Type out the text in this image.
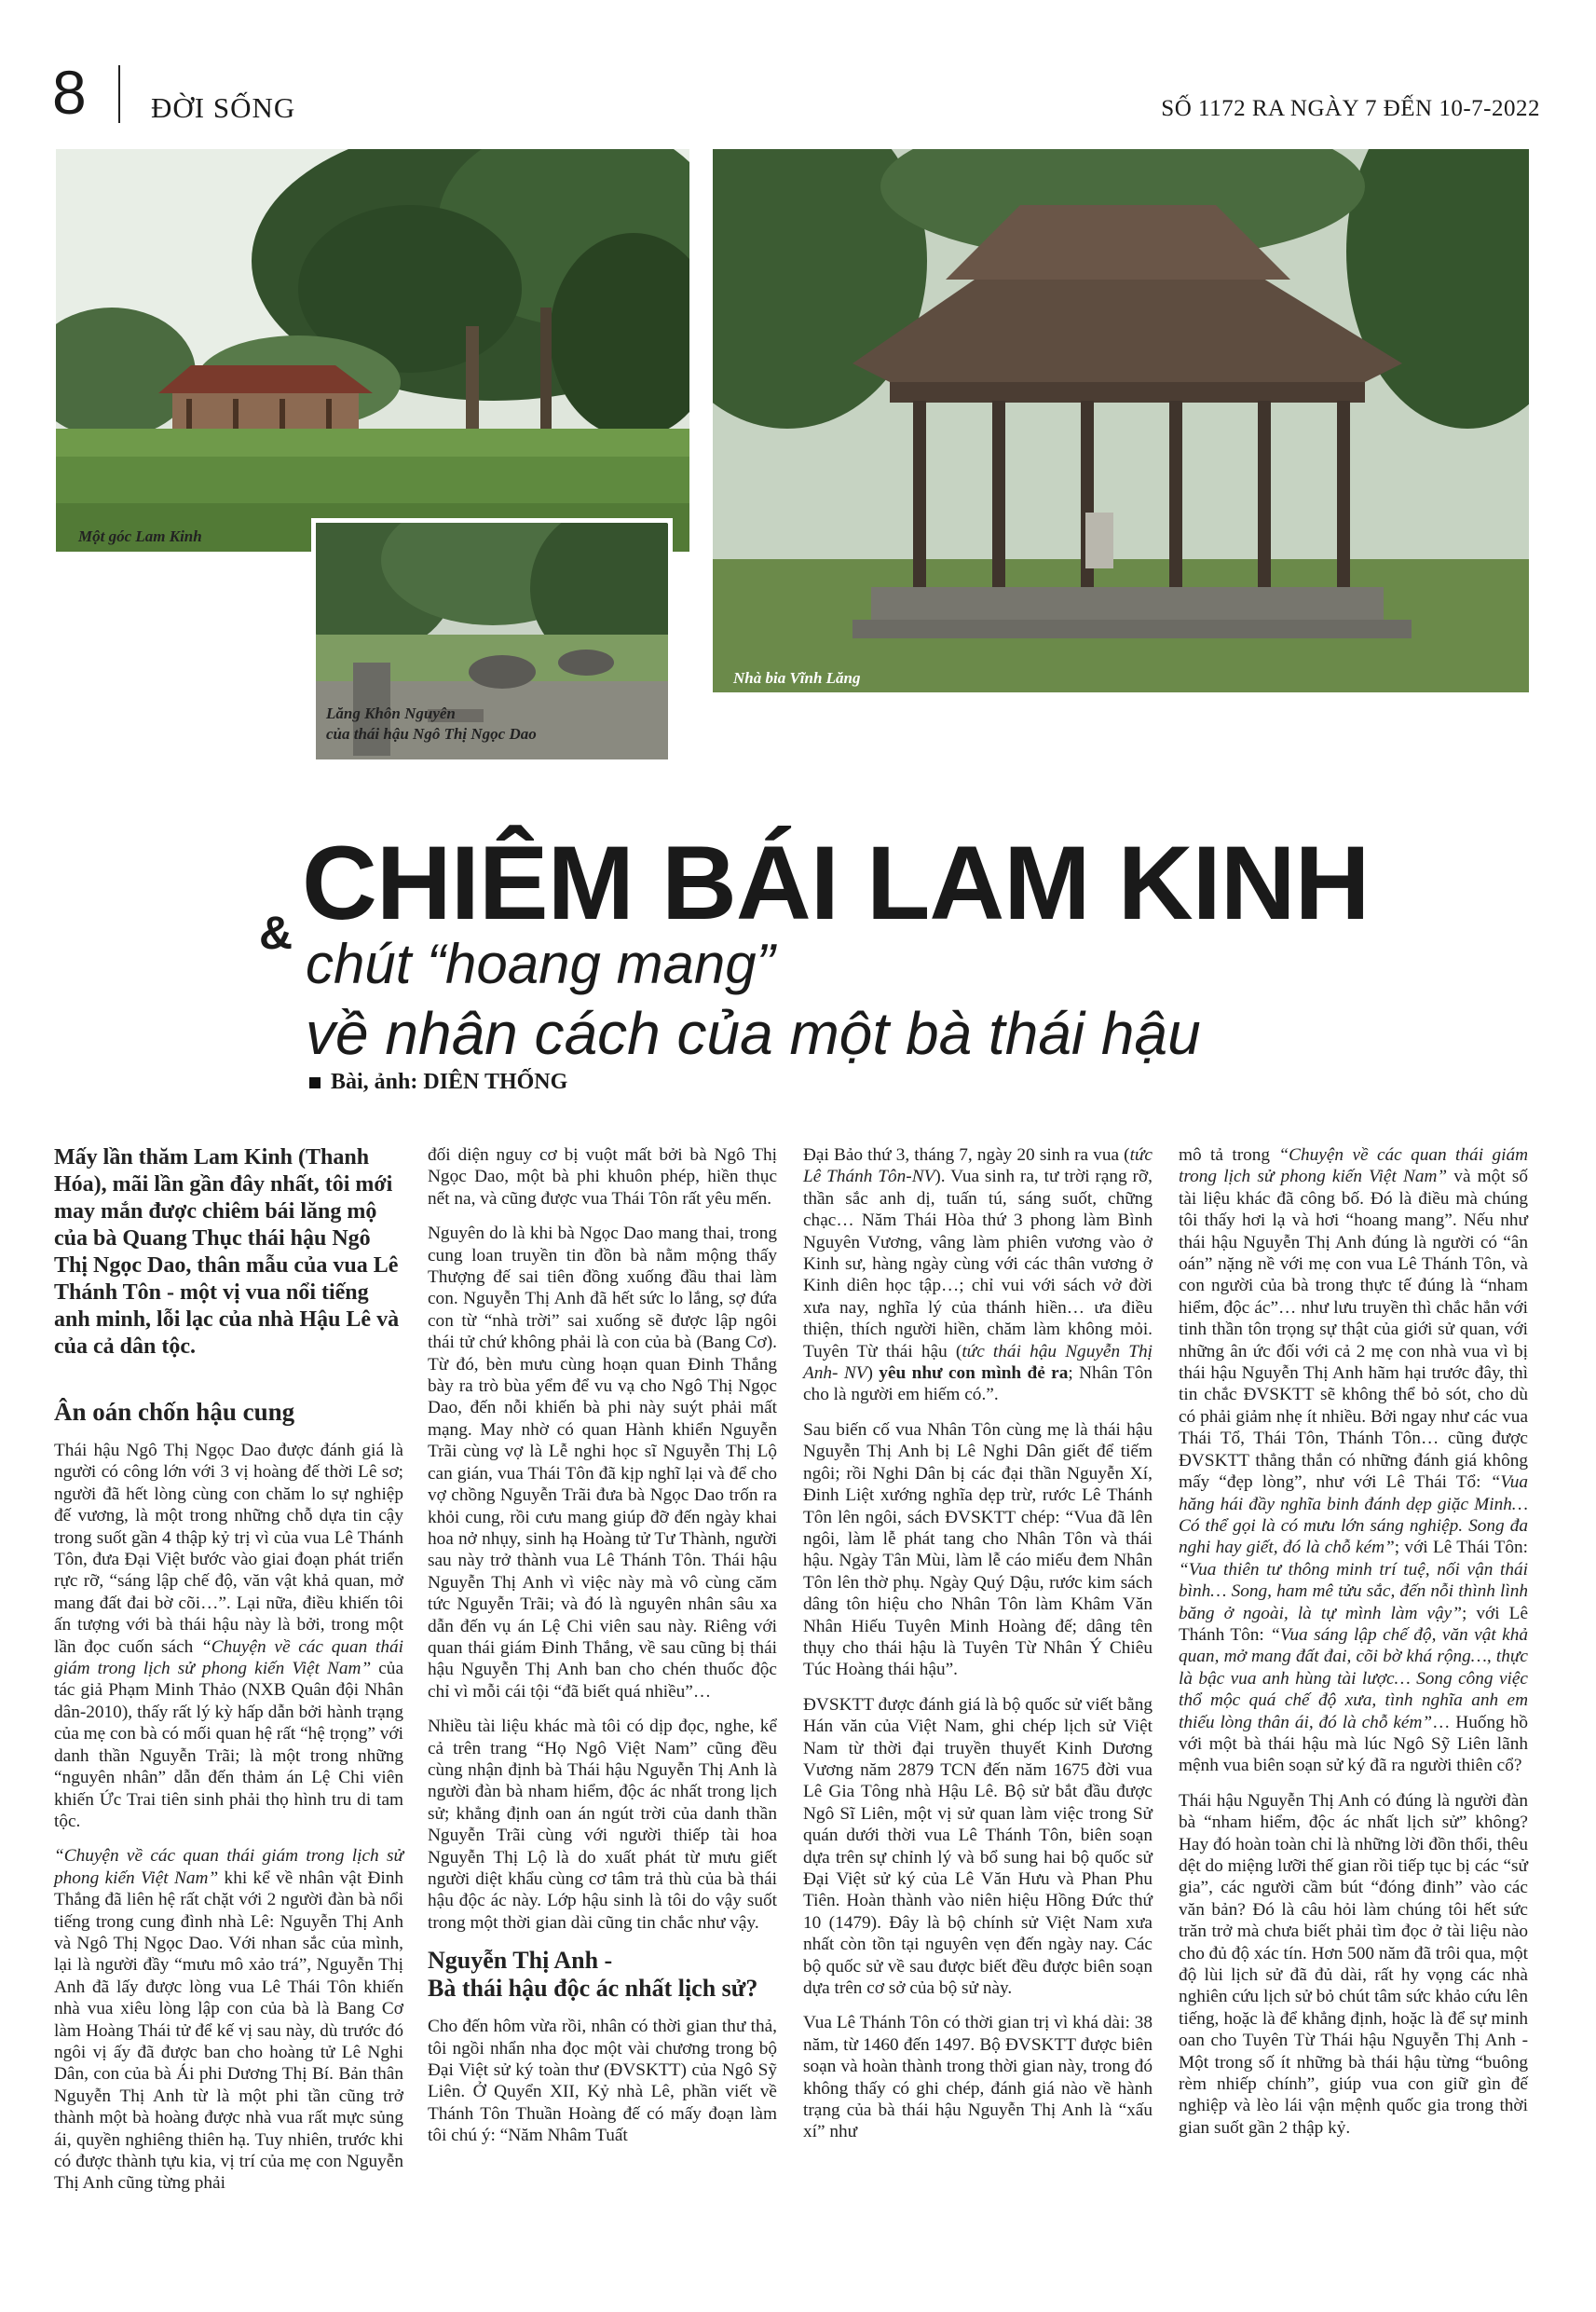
8 ĐỜI SỐNG	SỐ 1172 RA NGÀY 7 ĐẾN 10-7-2022
Một góc Lam Kinh
Lăng Khôn Nguyên
của thái hậu Ngô Thị Ngọc Dao
Nhà bia Vĩnh Lăng
& CHIÊM BÁI LAM KINH
chút “hoang mang”
về nhân cách của một bà thái hậu
Bài, ảnh: DIÊN THỐNG

Mấy lần thăm Lam Kinh (Thanh Hóa), mãi lần gần đây nhất, tôi mới may mắn được chiêm bái lăng mộ của bà Quang Thục thái hậu Ngô Thị Ngọc Dao, thân mẫu của vua Lê Thánh Tôn - một vị vua nổi tiếng anh minh, lỗi lạc của nhà Hậu Lê và của cả dân tộc.

Ân oán chốn hậu cung

Thái hậu Ngô Thị Ngọc Dao được đánh giá là người có công lớn với 3 vị hoàng đế thời Lê sơ; người đã hết lòng cùng con chăm lo sự nghiệp đế vương, là một trong những chỗ dựa tin cậy trong suốt gần 4 thập kỷ trị vì của vua Lê Thánh Tôn, đưa Đại Việt bước vào giai đoạn phát triển rực rỡ, “sáng lập chế độ, văn vật khả quan, mở mang đất đai bờ cõi…”. Lại nữa, điều khiến tôi ấn tượng với bà thái hậu này là bởi, trong một lần đọc cuốn sách “Chuyện về các quan thái giám trong lịch sử phong kiến Việt Nam” của tác giả Phạm Minh Thảo (NXB Quân đội Nhân dân-2010), thấy rất lý kỳ hấp dẫn bởi hành trạng của mẹ con bà có mối quan hệ rất “hệ trọng” với danh thần Nguyễn Trãi; là một trong những “nguyên nhân” dẫn đến thảm án Lệ Chi viên khiến Ức Trai tiên sinh phải thọ hình tru di tam tộc.

“Chuyện về các quan thái giám trong lịch sử phong kiến Việt Nam” khi kể về nhân vật Đinh Thắng đã liên hệ rất chặt với 2 người đàn bà nổi tiếng trong cung đình nhà Lê: Nguyễn Thị Anh và Ngô Thị Ngọc Dao. Với nhan sắc của mình, lại là người đầy “mưu mô xảo trá”, Nguyễn Thị Anh đã lấy được lòng vua Lê Thái Tôn khiến nhà vua xiêu lòng lập con của bà là Bang Cơ làm Hoàng Thái tử để kế vị sau này, dù trước đó ngôi vị ấy đã được ban cho hoàng tử Lê Nghi Dân, con của bà Ái phi Dương Thị Bí. Bản thân Nguyễn Thị Anh từ là một phi tần cũng trở thành một bà hoàng được nhà vua rất mực sủng ái, quyền nghiêng thiên hạ. Tuy nhiên, trước khi có được thành tựu kia, vị trí của mẹ con Nguyễn Thị Anh cũng từng phải

đối diện nguy cơ bị vuột mất bởi bà Ngô Thị Ngọc Dao, một bà phi khuôn phép, hiền thục nết na, và cũng được vua Thái Tôn rất yêu mến.

Nguyên do là khi bà Ngọc Dao mang thai, trong cung loan truyền tin đồn bà nằm mộng thấy Thượng đế sai tiên đồng xuống đầu thai làm con. Nguyễn Thị Anh đã hết sức lo lắng, sợ đứa con từ “nhà trời” sai xuống sẽ được lập ngôi thái tử chứ không phải là con của bà (Bang Cơ). Từ đó, bèn mưu cùng hoạn quan Đinh Thắng bày ra trò bùa yểm để vu vạ cho Ngô Thị Ngọc Dao, đến nỗi khiến bà phi này suýt phải mất mạng. May nhờ có quan Hành khiển Nguyễn Trãi cùng vợ là Lễ nghi học sĩ Nguyễn Thị Lộ can gián, vua Thái Tôn đã kịp nghĩ lại và để cho vợ chồng Nguyễn Trãi đưa bà Ngọc Dao trốn ra khỏi cung, rồi cưu mang giúp đỡ đến ngày khai hoa nở nhụy, sinh hạ Hoàng tử Tư Thành, người sau này trở thành vua Lê Thánh Tôn. Thái hậu Nguyễn Thị Anh vì việc này mà vô cùng căm tức Nguyễn Trãi; và đó là nguyên nhân sâu xa dẫn đến vụ án Lệ Chi viên sau này. Riêng với quan thái giám Đinh Thắng, về sau cũng bị thái hậu Nguyễn Thị Anh ban cho chén thuốc độc chỉ vì mỗi cái tội “đã biết quá nhiều”…

Nhiều tài liệu khác mà tôi có dịp đọc, nghe, kể cả trên trang “Họ Ngô Việt Nam” cũng đều cùng nhận định bà Thái hậu Nguyễn Thị Anh là người đàn bà nham hiểm, độc ác nhất trong lịch sử; khẳng định oan án ngút trời của danh thần Nguyễn Trãi cùng với người thiếp tài hoa Nguyễn Thị Lộ là do xuất phát từ mưu giết người diệt khẩu cùng cơ tâm trả thù của bà thái hậu độc ác này. Lớp hậu sinh là tôi do vậy suốt trong một thời gian dài cũng tin chắc như vậy.

Nguyễn Thị Anh -
Bà thái hậu độc ác nhất lịch sử?

Cho đến hôm vừa rồi, nhân có thời gian thư thả, tôi ngồi nhẩn nha đọc một vài chương trong bộ Đại Việt sử ký toàn thư (ĐVSKTT) của Ngô Sỹ Liên. Ở Quyển XII, Kỷ nhà Lê, phần viết về Thánh Tôn Thuần Hoàng đế có mấy đoạn làm tôi chú ý: “Năm Nhâm Tuất

Đại Bảo thứ 3, tháng 7, ngày 20 sinh ra vua (tức Lê Thánh Tôn-NV). Vua sinh ra, tư trời rạng rỡ, thần sắc anh dị, tuấn tú, sáng suốt, chững chạc… Năm Thái Hòa thứ 3 phong làm Bình Nguyên Vương, vâng làm phiên vương vào ở Kinh sư, hàng ngày cùng với các thân vương ở Kinh diên học tập…; chỉ vui với sách vở đời xưa nay, nghĩa lý của thánh hiền… ưa điều thiện, thích người hiền, chăm làm không mỏi. Tuyên Từ thái hậu (tức thái hậu Nguyễn Thị Anh- NV) yêu như con mình đẻ ra; Nhân Tôn cho là người em hiếm có.”.

Sau biến cố vua Nhân Tôn cùng mẹ là thái hậu Nguyễn Thị Anh bị Lê Nghi Dân giết để tiếm ngôi; rồi Nghi Dân bị các đại thần Nguyễn Xí, Đinh Liệt xướng nghĩa dẹp trừ, rước Lê Thánh Tôn lên ngôi, sách ĐVSKTT chép: “Vua đã lên ngôi, làm lễ phát tang cho Nhân Tôn và thái hậu. Ngày Tân Mùi, làm lễ cáo miếu đem Nhân Tôn lên thờ phụ. Ngày Quý Dậu, rước kim sách dâng tôn hiệu cho Nhân Tôn làm Khâm Văn Nhân Hiếu Tuyên Minh Hoàng đế; dâng tên thụy cho thái hậu là Tuyên Từ Nhân Ý Chiêu Túc Hoàng thái hậu”.

ĐVSKTT được đánh giá là bộ quốc sử viết bằng Hán văn của Việt Nam, ghi chép lịch sử Việt Nam từ thời đại truyền thuyết Kinh Dương Vương năm 2879 TCN đến năm 1675 đời vua Lê Gia Tông nhà Hậu Lê. Bộ sử bắt đầu được Ngô Sĩ Liên, một vị sử quan làm việc trong Sử quán dưới thời vua Lê Thánh Tôn, biên soạn dựa trên sự chỉnh lý và bổ sung hai bộ quốc sử Đại Việt sử ký của Lê Văn Hưu và Phan Phu Tiên. Hoàn thành vào niên hiệu Hồng Đức thứ 10 (1479). Đây là bộ chính sử Việt Nam xưa nhất còn tồn tại nguyên vẹn đến ngày nay. Các bộ quốc sử về sau được biết đều được biên soạn dựa trên cơ sở của bộ sử này.

Vua Lê Thánh Tôn có thời gian trị vì khá dài: 38 năm, từ 1460 đến 1497. Bộ ĐVSKTT được biên soạn và hoàn thành trong thời gian này, trong đó không thấy có ghi chép, đánh giá nào về hành trạng của bà thái hậu Nguyễn Thị Anh là “xấu xí” như

mô tả trong “Chuyện về các quan thái giám trong lịch sử phong kiến Việt Nam” và một số tài liệu khác đã công bố. Đó là điều mà chúng tôi thấy hơi lạ và hơi “hoang mang”. Nếu như thái hậu Nguyễn Thị Anh đúng là người có “ân oán” nặng nề với mẹ con vua Lê Thánh Tôn, và con người của bà trong thực tế đúng là “nham hiểm, độc ác”… như lưu truyền thì chắc hẳn với tinh thần tôn trọng sự thật của giới sử quan, với những ân ức đối với cả 2 mẹ con nhà vua vì bị thái hậu Nguyễn Thị Anh hãm hại trước đây, thì tin chắc ĐVSKTT sẽ không thể bỏ sót, cho dù có phải giảm nhẹ ít nhiều. Bởi ngay như các vua Thái Tổ, Thái Tôn, Thánh Tôn… cũng được ĐVSKTT thẳng thắn có những đánh giá không mấy “đẹp lòng”, như với Lê Thái Tổ: “Vua hăng hái đầy nghĩa binh đánh dẹp giặc Minh…Có thể gọi là có mưu lớn sáng nghiệp. Song đa nghi hay giết, đó là chỗ kém”; với Lê Thái Tôn: “Vua thiên tư thông minh trí tuệ, nối vận thái bình… Song, ham mê tửu sắc, đến nỗi thình lình băng ở ngoài, là tự mình làm vậy”; với Lê Thánh Tôn: “Vua sáng lập chế độ, văn vật khả quan, mở mang đất đai, cõi bờ khá rộng…, thực là bậc vua anh hùng tài lược… Song công việc thổ mộc quá chế độ xưa, tình nghĩa anh em thiếu lòng thân ái, đó là chỗ kém”… Huống hồ với một bà thái hậu mà lúc Ngô Sỹ Liên lãnh mệnh vua biên soạn sử ký đã ra người thiên cổ?

Thái hậu Nguyễn Thị Anh có đúng là người đàn bà “nham hiểm, độc ác nhất lịch sử” không? Hay đó hoàn toàn chỉ là những lời đồn thổi, thêu dệt do miệng lưỡi thế gian rồi tiếp tục bị các “sử gia”, các người cầm bút “đóng đinh” vào các văn bản? Đó là câu hỏi làm chúng tôi hết sức trăn trở mà chưa biết phải tìm đọc ở tài liệu nào cho đủ độ xác tín. Hơn 500 năm đã trôi qua, một độ lùi lịch sử đã đủ dài, rất hy vọng các nhà nghiên cứu lịch sử bỏ chút tâm sức khảo cứu lên tiếng, hoặc là để khẳng định, hoặc là để sự minh oan cho Tuyên Từ Thái hậu Nguyễn Thị Anh - Một trong số ít những bà thái hậu từng “buông rèm nhiếp chính”, giúp vua con giữ gìn đế nghiệp và lèo lái vận mệnh quốc gia trong thời gian suốt gần 2 thập kỷ.
